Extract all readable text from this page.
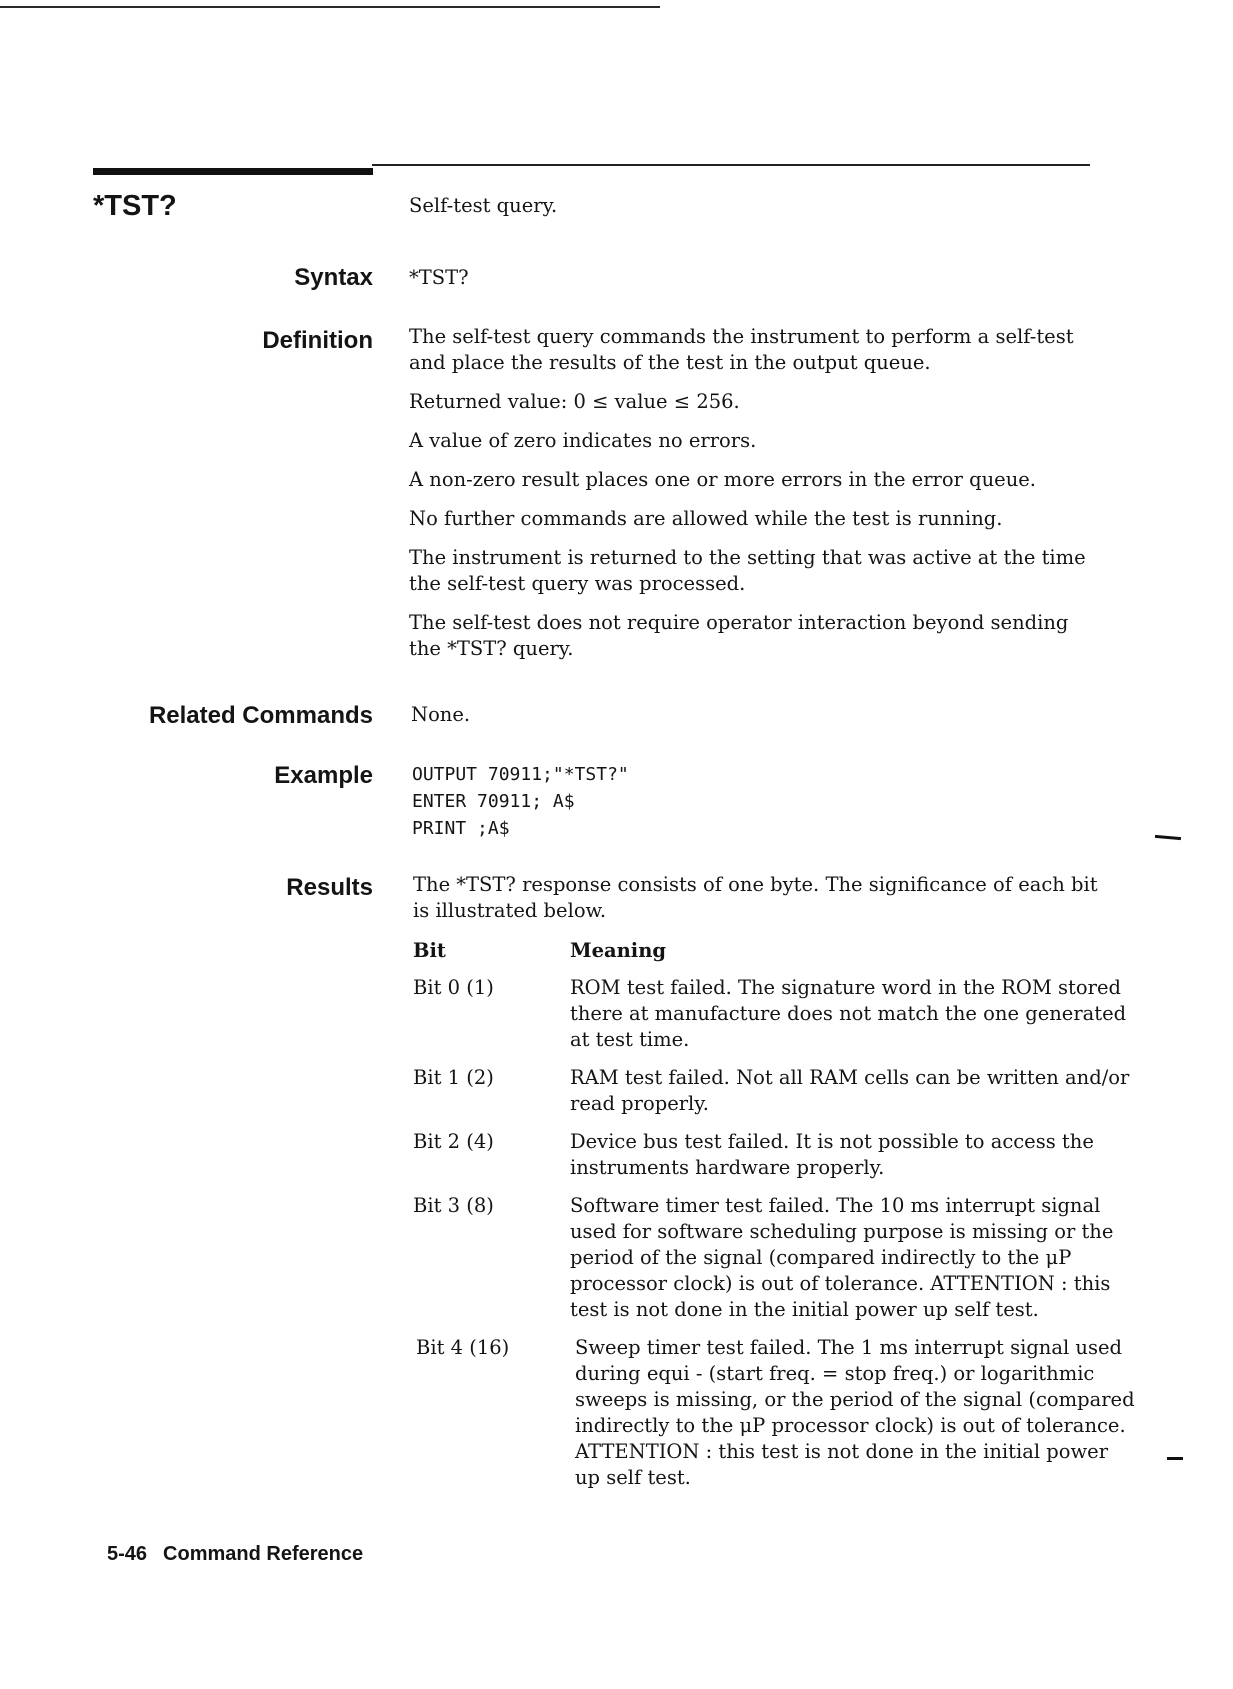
*TST?	Self-test query.
Syntax *TST?
Definition The self-test query commands the instrument to perform a self-test and place the results of the test in the output queue.

Returned value: 0 ≤ value ≤ 256.

A value of zero indicates no errors.

A non-zero result places one or more errors in the error queue.

No further commands are allowed while the test is running.

The instrument is returned to the setting that was active at the time the self-test query was processed.

The self-test does not require operator interaction beyond sending the *TST? query.

Related Commands None.
Example OUTPUT 70911;"*TST?"
ENTER 70911; A$
PRINT ;A$
Results The *TST? response consists of one byte. The significance of each bit is illustrated below.
Bit	Meaning
Bit 0 (1)	ROM test failed. The signature word in the ROM stored there at manufacture does not match the one generated at test time.
Bit 1 (2)	RAM test failed. Not all RAM cells can be written and/or read properly.
Bit 2 (4)	Device bus test failed. It is not possible to access the instruments hardware properly.
Bit 3 (8)	Software timer test failed. The 10 ms interrupt signal used for software scheduling purpose is missing or the period of the signal (compared indirectly to the μP processor clock) is out of tolerance. ATTENTION : this test is not done in the initial power up self test.
Bit 4 (16)	Sweep timer test failed. The 1 ms interrupt signal used during equi - (start freq. = stop freq.) or logarithmic sweeps is missing, or the period of the signal (compared indirectly to the μP processor clock) is out of tolerance. ATTENTION : this test is not done in the initial power up self test.
5-46 Command Reference
